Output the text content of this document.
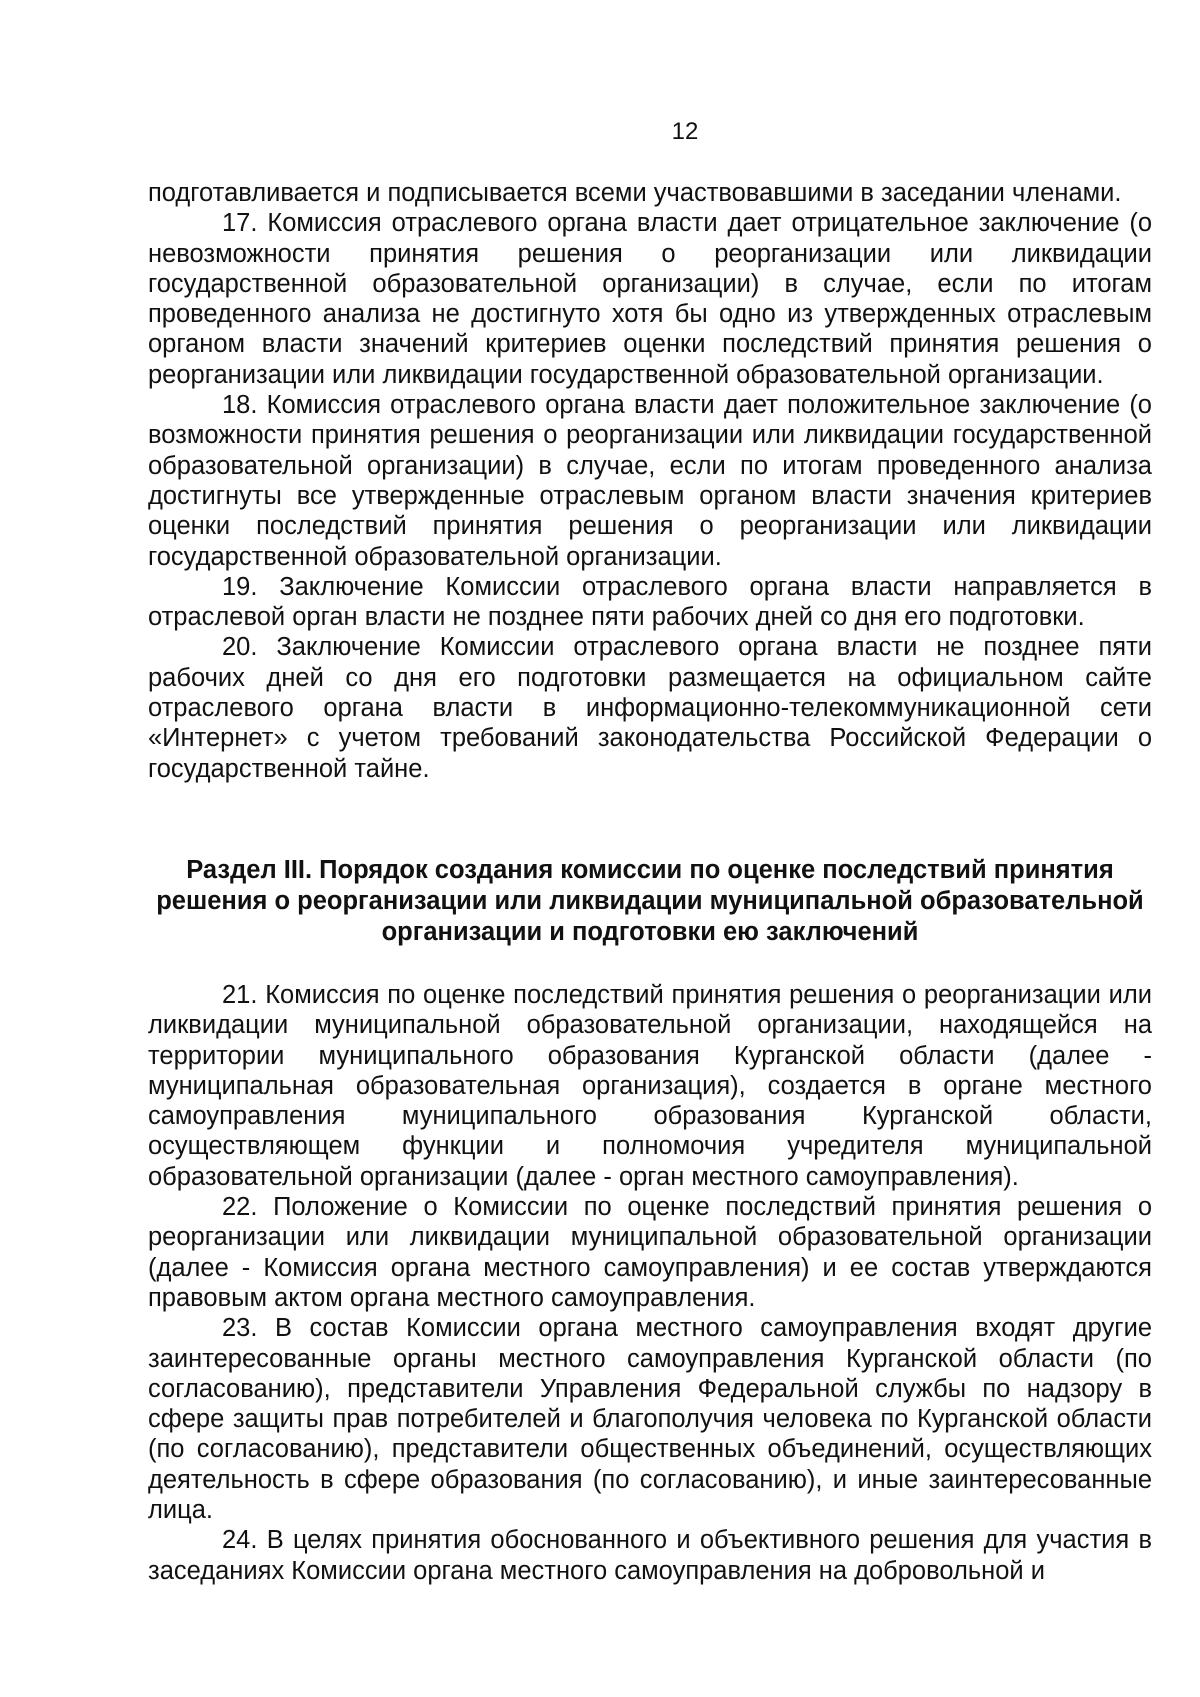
12

подготавливается и подписывается всеми участвовавшими в заседании членами.

17. Комиссия отраслевого органа власти дает отрицательное заключение (о невозможности принятия решения о реорганизации или ликвидации государственной образовательной организации) в случае, если по итогам проведенного анализа не достигнуто хотя бы одно из утвержденных отраслевым органом власти значений критериев оценки последствий принятия решения о реорганизации или ликвидации государственной образовательной организации.

18. Комиссия отраслевого органа власти дает положительное заключение (о возможности принятия решения о реорганизации или ликвидации государственной образовательной организации) в случае, если по итогам проведенного анализа достигнуты все утвержденные отраслевым органом власти значения критериев оценки последствий принятия решения о реорганизации или ликвидации государственной образовательной организации.

19. Заключение Комиссии отраслевого органа власти направляется в отраслевой орган власти не позднее пяти рабочих дней со дня его подготовки.

20. Заключение Комиссии отраслевого органа власти не позднее пяти рабочих дней со дня его подготовки размещается на официальном сайте отраслевого органа власти в информационно-телекоммуникационной сети «Интернет» с учетом требований законодательства Российской Федерации о государственной тайне.

Раздел III. Порядок создания комиссии по оценке последствий принятия решения о реорганизации или ликвидации муниципальной образовательной организации и подготовки ею заключений

21. Комиссия по оценке последствий принятия решения о реорганизации или ликвидации муниципальной образовательной организации, находящейся на территории муниципального образования Курганской области (далее - муниципальная образовательная организация), создается в органе местного самоуправления муниципального образования Курганской области, осуществляющем функции и полномочия учредителя муниципальной образовательной организации (далее - орган местного самоуправления).

22. Положение о Комиссии по оценке последствий принятия решения о реорганизации или ликвидации муниципальной образовательной организации (далее - Комиссия органа местного самоуправления) и ее состав утверждаются правовым актом органа местного самоуправления.

23. В состав Комиссии органа местного самоуправления входят другие заинтересованные органы местного самоуправления Курганской области (по согласованию), представители Управления Федеральной службы по надзору в сфере защиты прав потребителей и благополучия человека по Курганской области (по согласованию), представители общественных объединений, осуществляющих деятельность в сфере образования (по согласованию), и иные заинтересованные лица.

24. В целях принятия обоснованного и объективного решения для участия в заседаниях Комиссии органа местного самоуправления на добровольной и
